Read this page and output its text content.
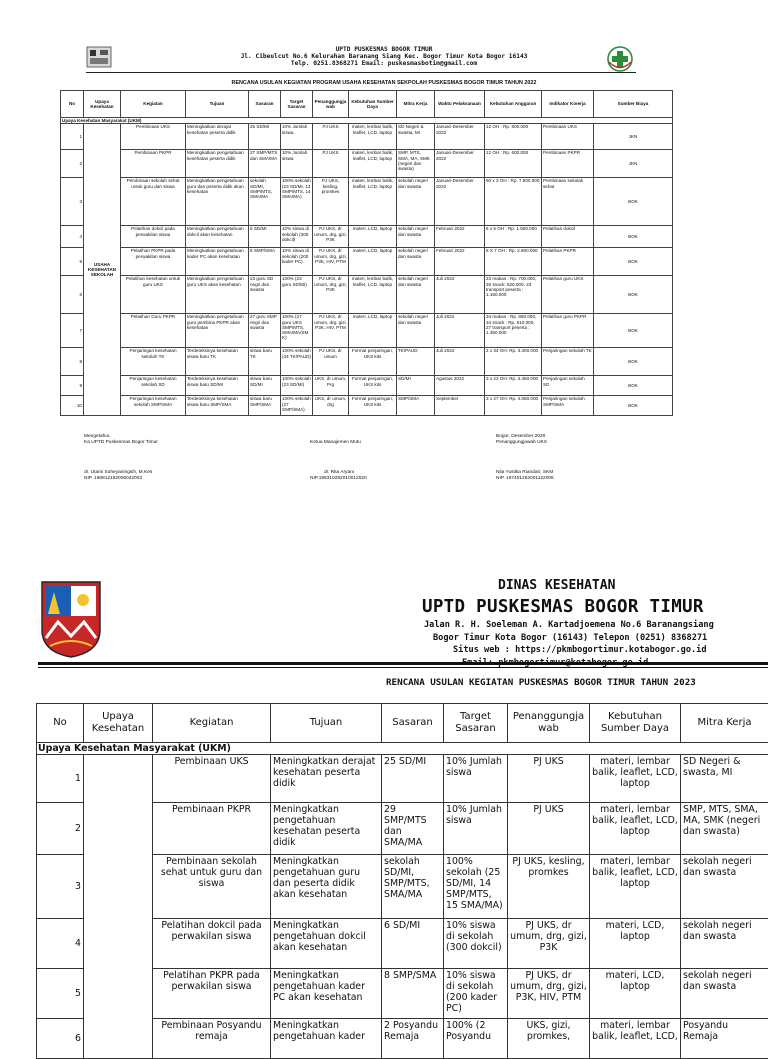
UPTD PUSKESMAS BOGOR TIMUR
Jl. Cibeulcut No.6 Kelurahan Baranang Siang Kec. Bogor Timur Kota Bogor 16143
Telp. 0251.8368271 Email: puskesmasbotim@gmail.com
RENCANA USULAN KEGIATAN PROGRAM USAHA KESEHATAN SEKPOLAH PUSKESMAS BOGOR TIMUR TAHUN 2022
No	Upaya Kesehatan	Kegiatan	Tujuan	Sasaran	Target Sasaran	Penanggungja wab	Kebutuhan Sumber Daya	Mitra Kerja	Waktu Pelaksanaan	Kebutuhan Anggaran	Indikator Kinerja	Sumber Biaya
Upaya Kesehatan Masyarakat (UKM)												
1	USAHA KESEHATAN SEKOLAH	Pembinaan UKS	Meningkatkan derajat kesehatan peserta didik	25 SD/MI	10% Jumlah siswa	PJ UKS	materi, lembar balik, leaflet, LCD, laptop	SD Negeri & swasta, MI	Januari-Desember 2022	12 OH : Rp. 600.000	Pembinaan UKS	JKN
2		Pembinaan PKPR	Meningkatkan pengetahuan kesehatan peserta didik	27 SMP/MTS dan SMA/MA	10% Jumlah siswa	PJ UKS	materi, lembar balik, leaflet, LCD, laptop	SMP, MTS, SMA, MA, SMK (negeri dan swasta)	Januari-Desember 2022	12 OH : Rp. 600.000	Pembinaan PKPR	JKN
3		Pembinaan sekolah sehat untuk guru dan siswa	Meningkatkan pengetahuan guru dan peserta didik akan kesehatan	sekolah SD/MI, SMP/MTS, SMA/MA	100% sekolah (23 SD/MI, 13 SMP/MTS, 14 SMA/MA)	PJ UKS, kesling, promkes	materi, lembar balik, leaflet, LCD, laptop	sekolah negeri dan swasta	Januari-Desember 2022	50 x 3 OH : Rp. 7.500.000	Pembinaan sekolah sehat	BOK
4		Pelatihan dokcil pada perwakilan siswa	Meningkatkan pengetahuan dokcil akan kesehatan	5 SD/MI	10% siswa di sekolah (300 dokcil)	PJ UKS, dr umum, drg, gizi, P3K	materi, LCD, laptop	sekolah negeri dan swasta	Februari 2022	6 x 5 OH : Rp. 1.500.000	Pelatihan dokcil	BOK
5		Pelatihan PKPR pada perwakilan siswa	Meningkatkan pengetahuan kader PC akan kesehatan	8 SMP/SMA	10% siswa di sekolah (200 kader PC)	PJ UKS, dr umum, drg, gizi, P3K, HIV, PTM	materi, LCD, laptop	sekolah negeri dan swasta	Februari 2022	8 X 7 OH : Rp. 2.800.000	Pelatihan PKPR	BOK
6		Pelatihan kesehatan untuk guru UKS	Meningkatkan pengetahuan guru UKS akan kesehatan	23 guru SD negri dan swasta	100% (23 guru SD/MI)	PJ UKS, dr umum, drg, gizi, P3K	materi, lembar balik, leaflet, LCD, laptop	sekolah negeri dan swasta	Juli 2022	23 makan : Rp. 700.000, 26 snack: 520.000, 23 transport peserta : 1.150.000	Pelatihan guru UKS	BOK
7		Pelatihan Guru PKPR	Meningkatkan pengetahuan guru pembina PKPR akan kesehatan	27 guru SMP negri dan swasta	100% (27 guru UKS SMP/MTS, SMA/MA/SM K)	PJ UKS, dr umum, drg, gizi, P3K, HIV, PTM	materi, LCD, laptop	sekolah negeri dan swasta	Juli 2022	34 makan : Rp. 850.000, 34 snack : Rp. 510.000, 27 transport peserta : 1.350.000	Pelatihan guru PKPR	BOK
8		Penjaringan kesehatan sekolah TK	Terdeteksinya kesehatan siswa baru TK	siswa baru TK	100% sekolah (34 TK/PAUD)	PJ UKS, dr umum	Format penjaringan, UKS kits	TK/PAUD	Juli 2022	2 x 34 OH: Rp. 3.400.000	Penjaringan sekolah TK	BOK
9		Penjaringan kesehatan sekolah SD	Terdeteksinya kesehatan siswa baru SD/MI	siswa baru SD/MI	100% sekolah (23 SD/MI)	UKS, dr umum, Prg	Format penjaringan, UKS kits	SD/MI	Agustus 2022	3 x 23 OH: Rp. 3.450.000	Penjaringan sekolah SD	BOK
10		Penjaringan kesehatan sekolah SMP/SMA	Terdeteksinya kesehatan siswa baru SMP/SMA	siswa baru SMP/SMA	100% sekolah (27 SMP/SMA)	UKS, dr umum, drg	Format penjaringan, UKS kits	SMP/SMA	September	3 x 27 OH: Rp. 4.050.000	Penjaringan sekolah SMP/SMA	BOK
Mengetahui,
Ka UPTD Puskesmas Bogor Timur
dr. Utami Suheyaningsih, M.Kes
NIP. 196912152006042003

Ketua Manajemen Mutu
dr. Rita Aryani
NIP.198310282010012020
Bogor, Desember 2020
Penanggungjawab UKS
Nila Yustika Riandari, SKM
NIP. 197401262001122006
DINAS KESEHATAN
UPTD PUSKESMAS BOGOR TIMUR
Jalan R. H. Soeleman A. Kartadjoemena No.6 Baranangsiang
Bogor Timur Kota Bogor (16143) Telepon (0251) 8368271
Situs web : https://pkmbogortimur.kotabogor.go.id
RENCANA USULAN KEGIATAN PUSKESMAS BOGOR TIMUR TAHUN 2023
No	Upaya Kesehatan	Kegiatan	Tujuan	Sasaran	Target Sasaran	Penanggungja wab	Kebutuhan Sumber Daya	Mitra Kerja
Upaya Kesehatan Masyarakat (UKM)								
1		Pembinaan UKS	Meningkatkan derajat kesehatan peserta didik	25 SD/MI	10% Jumlah siswa	PJ UKS	materi, lembar balik, leaflet, LCD, laptop	SD Negeri & swasta, MI
2		Pembinaan PKPR	Meningkatkan pengetahuan kesehatan peserta didik	29 SMP/MTS dan SMA/MA	10% Jumlah siswa	PJ UKS	materi, lembar balik, leaflet, LCD, laptop	SMP, MTS, SMA, MA, SMK (negeri dan swasta)
3		Pembinaan sekolah sehat untuk guru dan siswa	Meningkatkan pengetahuan guru dan peserta didik akan kesehatan	sekolah SD/MI, SMP/MTS, SMA/MA	100% sekolah (25 SD/MI, 14 SMP/MTS, 15 SMA/MA)	PJ UKS, kesling, promkes	materi, lembar balik, leaflet, LCD, laptop	sekolah negeri dan swasta
4		Pelatihan dokcil pada perwakilan siswa	Meningkatkan pengetahuan dokcil akan kesehatan	6 SD/MI	10% siswa di sekolah (300 dokcil)	PJ UKS, dr umum, drg, gizi, P3K	materi, LCD, laptop	sekolah negeri dan swasta
5		Pelatihan PKPR pada perwakilan siswa	Meningkatkan pengetahuan kader PC akan kesehatan	8 SMP/SMA	10% siswa di sekolah (200 kader PC)	PJ UKS, dr umum, drg, gizi, P3K, HIV, PTM	materi, LCD, laptop	sekolah negeri dan swasta
6		Pembinaan Posyandu remaja	Meningkatkan pengetahuan kader	2 Posyandu Remaja	100% (2 Posyandu	UKS, gizi, promkes,	materi, lembar balik, leaflet, LCD,	Posyandu Remaja
